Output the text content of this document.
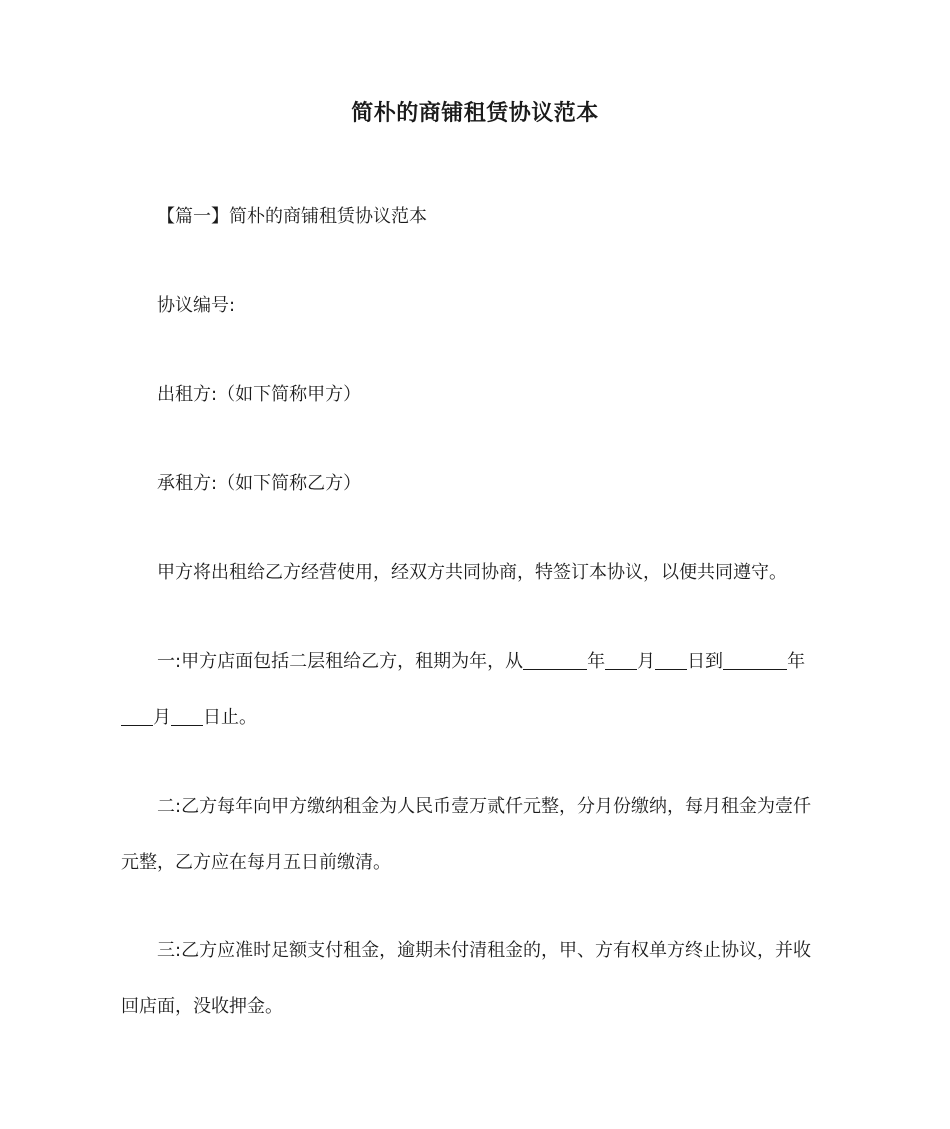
简朴的商铺租赁协议范本

【篇一】简朴的商铺租赁协议范本

协议编号:

出租方:（如下简称甲方）

承租方:（如下简称乙方）

甲方将出租给乙方经营使用，经双方共同协商，特签订本协议，以便共同遵守。

一:甲方店面包括二层租给乙方，租期为年，从	年 月 日到	年

月 日止。

二:乙方每年向甲方缴纳租金为人民币壹万贰仟元整，分月份缴纳，每月租金为壹仟

元整，乙方应在每月五日前缴清。

三:乙方应准时足额支付租金，逾期未付清租金的，甲、方有权单方终止协议，并收

回店面，没收押金。
